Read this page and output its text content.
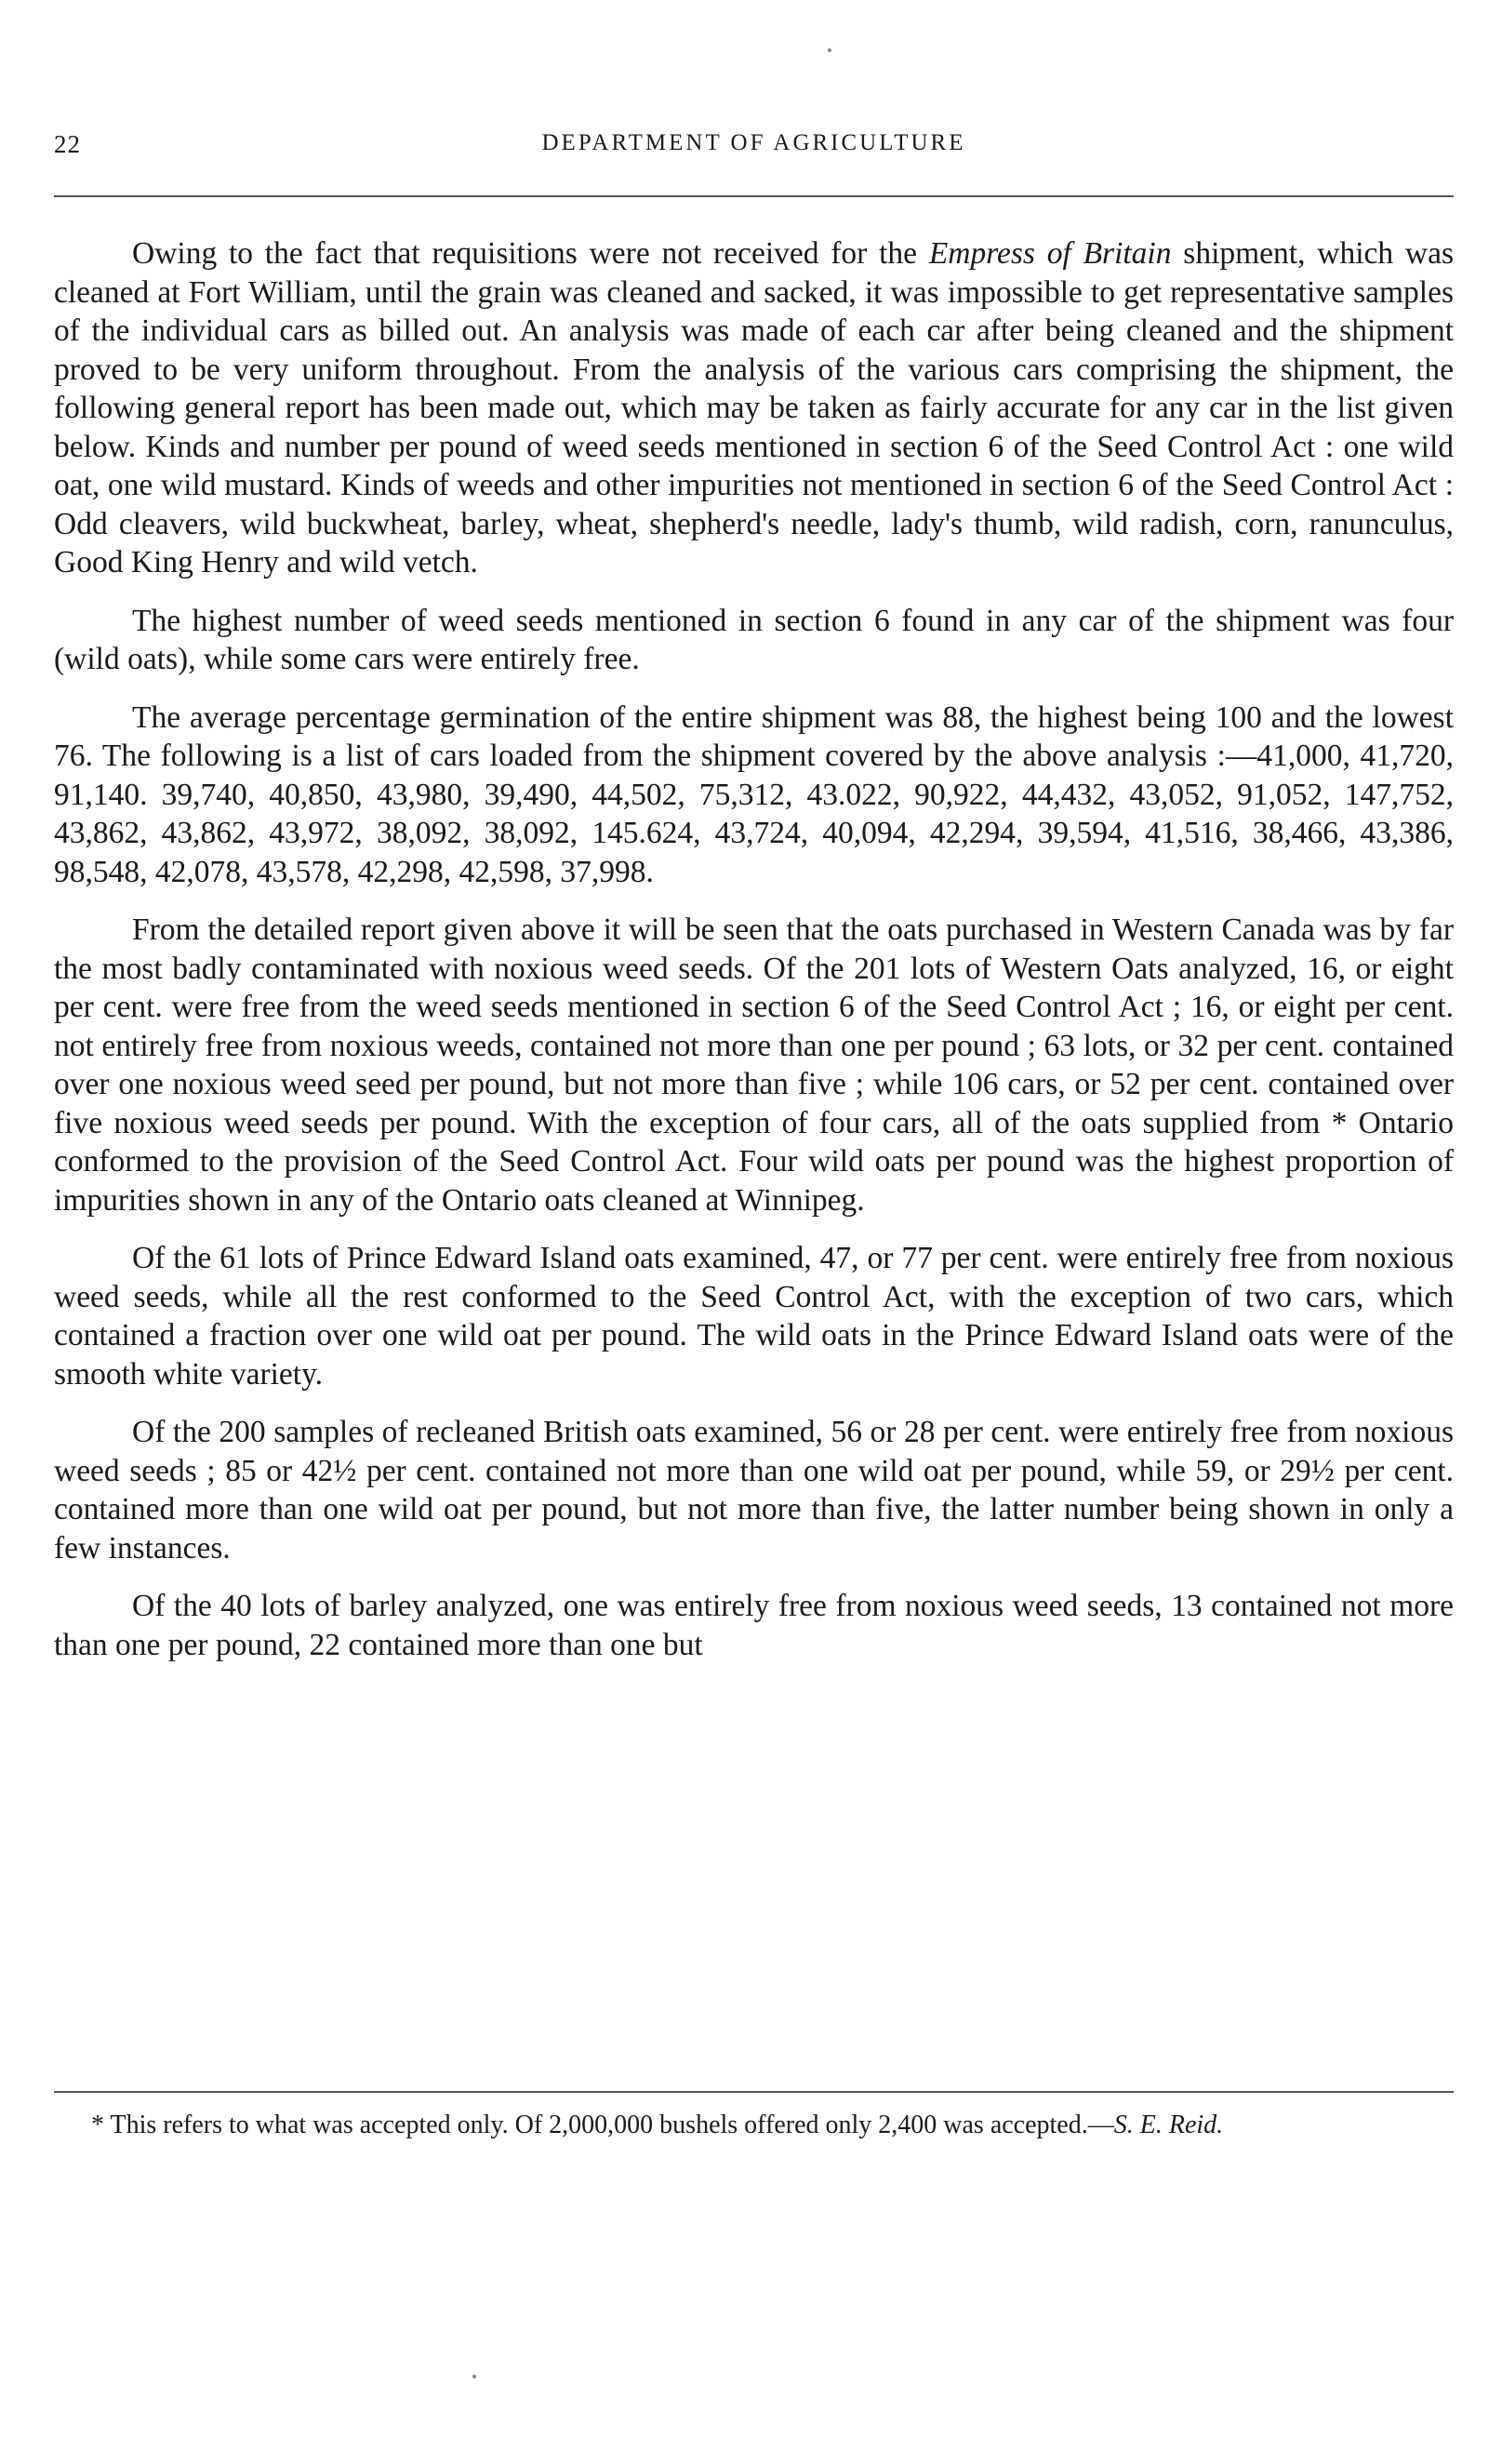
22	DEPARTMENT OF AGRICULTURE

Owing to the fact that requisitions were not received for the Empress of Britain shipment, which was cleaned at Fort William, until the grain was cleaned and sacked, it was impossible to get representative samples of the individual cars as billed out. An analysis was made of each car after being cleaned and the shipment proved to be very uniform throughout. From the analysis of the various cars comprising the shipment, the following general report has been made out, which may be taken as fairly accurate for any car in the list given below. Kinds and number per pound of weed seeds mentioned in section 6 of the Seed Control Act : one wild oat, one wild mustard. Kinds of weeds and other impurities not mentioned in section 6 of the Seed Control Act : Odd cleavers, wild buckwheat, barley, wheat, shepherd's needle, lady's thumb, wild radish, corn, ranunculus, Good King Henry and wild vetch.

The highest number of weed seeds mentioned in section 6 found in any car of the shipment was four (wild oats), while some cars were entirely free.

The average percentage germination of the entire shipment was 88, the highest being 100 and the lowest 76. The following is a list of cars loaded from the shipment covered by the above analysis :—41,000, 41,720, 91,140. 39,740, 40,850, 43,980, 39,490, 44,502, 75,312, 43.022, 90,922, 44,432, 43,052, 91,052, 147,752, 43,862, 43,862, 43,972, 38,092, 38,092, 145.624, 43,724, 40,094, 42,294, 39,594, 41,516, 38,466, 43,386, 98,548, 42,078, 43,578, 42,298, 42,598, 37,998.

From the detailed report given above it will be seen that the oats purchased in Western Canada was by far the most badly contaminated with noxious weed seeds. Of the 201 lots of Western Oats analyzed, 16, or eight per cent. were free from the weed seeds mentioned in section 6 of the Seed Control Act ; 16, or eight per cent. not entirely free from noxious weeds, contained not more than one per pound ; 63 lots, or 32 per cent. contained over one noxious weed seed per pound, but not more than five ; while 106 cars, or 52 per cent. contained over five noxious weed seeds per pound. With the exception of four cars, all of the oats supplied from * Ontario conformed to the provision of the Seed Control Act. Four wild oats per pound was the highest proportion of impurities shown in any of the Ontario oats cleaned at Winnipeg.

Of the 61 lots of Prince Edward Island oats examined, 47, or 77 per cent. were entirely free from noxious weed seeds, while all the rest conformed to the Seed Control Act, with the exception of two cars, which contained a fraction over one wild oat per pound. The wild oats in the Prince Edward Island oats were of the smooth white variety.

Of the 200 samples of recleaned British oats examined, 56 or 28 per cent. were entirely free from noxious weed seeds ; 85 or 42½ per cent. contained not more than one wild oat per pound, while 59, or 29½ per cent. contained more than one wild oat per pound, but not more than five, the latter number being shown in only a few instances.

Of the 40 lots of barley analyzed, one was entirely free from noxious weed seeds, 13 contained not more than one per pound, 22 contained more than one but

* This refers to what was accepted only. Of 2,000,000 bushels offered only 2,400 was accepted.—S. E. Reid.
